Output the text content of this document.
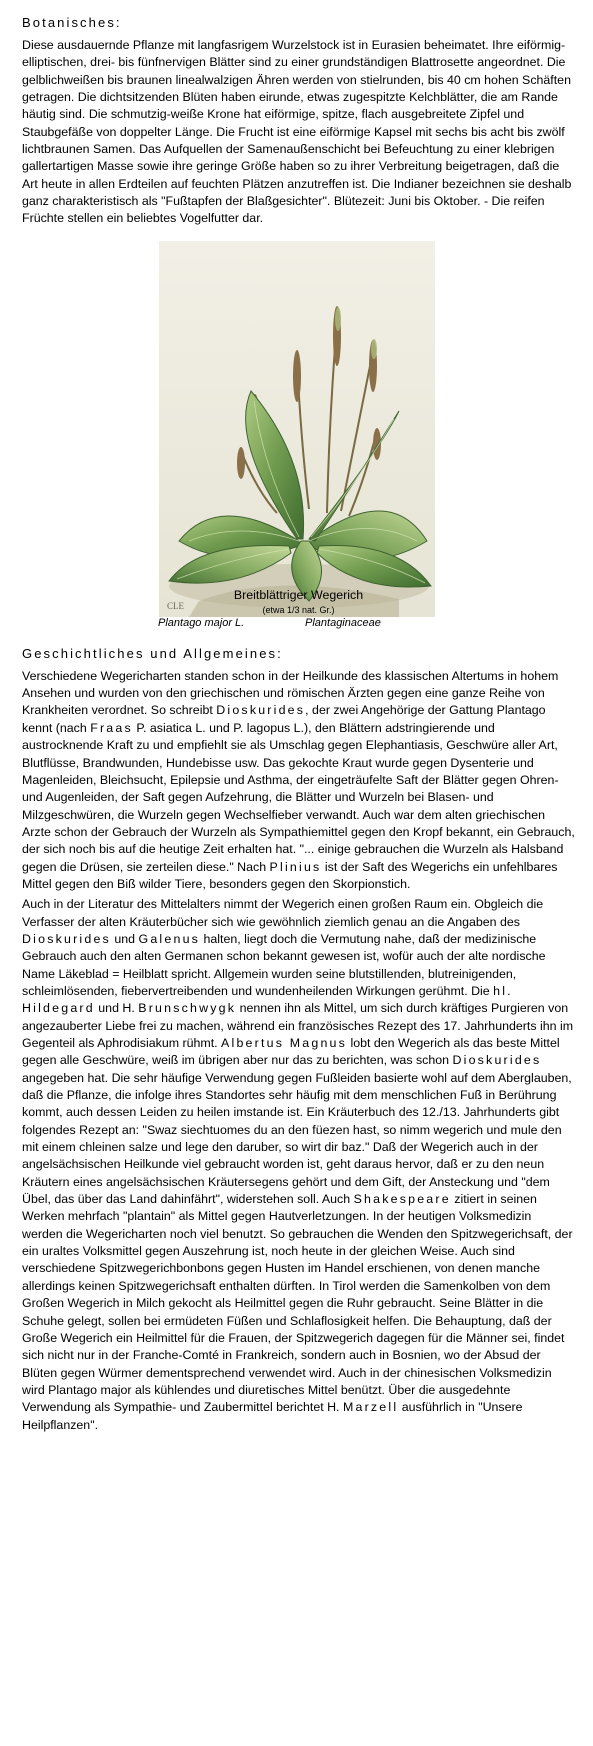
Botanisches:

Diese ausdauernde Pflanze mit langfasrigem Wurzelstock ist in Eurasien beheimatet. Ihre eiförmig-elliptischen, drei- bis fünfnervigen Blätter sind zu einer grundständigen Blattrosette angeordnet. Die gelblichweißen bis braunen linealwalzigen Ähren werden von stielrunden, bis 40 cm hohen Schäften getragen. Die dichtsitzenden Blüten haben eirunde, etwas zugespitzte Kelchblätter, die am Rande häutig sind. Die schmutzig-weiße Krone hat eiförmige, spitze, flach ausgebreitete Zipfel und Staubgefäße von doppelter Länge. Die Frucht ist eine eiförmige Kapsel mit sechs bis acht bis zwölf lichtbraunen Samen. Das Aufquellen der Samenaußenschicht bei Befeuchtung zu einer klebrigen gallertartigen Masse sowie ihre geringe Größe haben so zu ihrer Verbreitung beigetragen, daß die Art heute in allen Erdteilen auf feuchten Plätzen anzutreffen ist. Die Indianer bezeichnen sie deshalb ganz charakteristisch als "Fußtapfen der Blaßgesichter". Blütezeit: Juni bis Oktober. - Die reifen Früchte stellen ein beliebtes Vogelfutter dar.

CLE
Breitblättriger Wegerich
(etwa 1/3 nat. Gr.)
Plantago major L.	Plantaginaceae
Geschichtliches und Allgemeines:

Verschiedene Wegericharten standen schon in der Heilkunde des klassischen Altertums in hohem Ansehen und wurden von den griechischen und römischen Ärzten gegen eine ganze Reihe von Krankheiten verordnet. So schreibt Dioskurides, der zwei Angehörige der Gattung Plantago kennt (nach Fraas P. asiatica L. und P. lagopus L.), den Blättern adstringierende und austrocknende Kraft zu und empfiehlt sie als Umschlag gegen Elephantiasis, Geschwüre aller Art, Blutflüsse, Brandwunden, Hundebisse usw. Das gekochte Kraut wurde gegen Dysenterie und Magenleiden, Bleichsucht, Epilepsie und Asthma, der eingeträufelte Saft der Blätter gegen Ohren- und Augenleiden, der Saft gegen Aufzehrung, die Blätter und Wurzeln bei Blasen- und Milzgeschwüren, die Wurzeln gegen Wechselfieber verwandt. Auch war dem alten griechischen Arzte schon der Gebrauch der Wurzeln als Sympathiemittel gegen den Kropf bekannt, ein Gebrauch, der sich noch bis auf die heutige Zeit erhalten hat. "... einige gebrauchen die Wurzeln als Halsband gegen die Drüsen, sie zerteilen diese." Nach Plinius ist der Saft des Wegerichs ein unfehlbares Mittel gegen den Biß wilder Tiere, besonders gegen den Skorpionstich.

Auch in der Literatur des Mittelalters nimmt der Wegerich einen großen Raum ein. Obgleich die Verfasser der alten Kräuterbücher sich wie gewöhnlich ziemlich genau an die Angaben des Dioskurides und Galenus halten, liegt doch die Vermutung nahe, daß der medizinische Gebrauch auch den alten Germanen schon bekannt gewesen ist, wofür auch der alte nordische Name Läkeblad = Heilblatt spricht. Allgemein wurden seine blutstillenden, blutreinigenden, schleimlösenden, fiebervertreibenden und wundenheilenden Wirkungen gerühmt. Die hl. Hildegard und H. Brunschwygk nennen ihn als Mittel, um sich durch kräftiges Purgieren von angezauberter Liebe frei zu machen, während ein französisches Rezept des 17. Jahrhunderts ihn im Gegenteil als Aphrodisiakum rühmt. Albertus Magnus lobt den Wegerich als das beste Mittel gegen alle Geschwüre, weiß im übrigen aber nur das zu berichten, was schon Dioskurides angegeben hat. Die sehr häufige Verwendung gegen Fußleiden basierte wohl auf dem Aberglauben, daß die Pflanze, die infolge ihres Standortes sehr häufig mit dem menschlichen Fuß in Berührung kommt, auch dessen Leiden zu heilen imstande ist. Ein Kräuterbuch des 12./13. Jahrhunderts gibt folgendes Rezept an: "Swaz siechtuomes du an den füezen hast, so nimm wegerich und mule den mit einem chleinen salze und lege den daruber, so wirt dir baz." Daß der Wegerich auch in der angelsächsischen Heilkunde viel gebraucht worden ist, geht daraus hervor, daß er zu den neun Kräutern eines angelsächsischen Kräutersegens gehört und dem Gift, der Ansteckung und "dem Übel, das über das Land dahinfährt", widerstehen soll. Auch Shakespeare zitiert in seinen Werken mehrfach "plantain" als Mittel gegen Hautverletzungen. In der heutigen Volksmedizin werden die Wegericharten noch viel benutzt. So gebrauchen die Wenden den Spitzwegerichsaft, der ein uraltes Volksmittel gegen Auszehrung ist, noch heute in der gleichen Weise. Auch sind verschiedene Spitzwegerichbonbons gegen Husten im Handel erschienen, von denen manche allerdings keinen Spitzwegerichsaft enthalten dürften. In Tirol werden die Samenkolben von dem Großen Wegerich in Milch gekocht als Heilmittel gegen die Ruhr gebraucht. Seine Blätter in die Schuhe gelegt, sollen bei ermüdeten Füßen und Schlaflosigkeit helfen. Die Behauptung, daß der Große Wegerich ein Heilmittel für die Frauen, der Spitzwegerich dagegen für die Männer sei, findet sich nicht nur in der Franche-Comté in Frankreich, sondern auch in Bosnien, wo der Absud der Blüten gegen Würmer dementsprechend verwendet wird. Auch in der chinesischen Volksmedizin wird Plantago major als kühlendes und diuretisches Mittel benützt. Über die ausgedehnte Verwendung als Sympathie- und Zaubermittel berichtet H. Marzell ausführlich in "Unsere Heilpflanzen".
